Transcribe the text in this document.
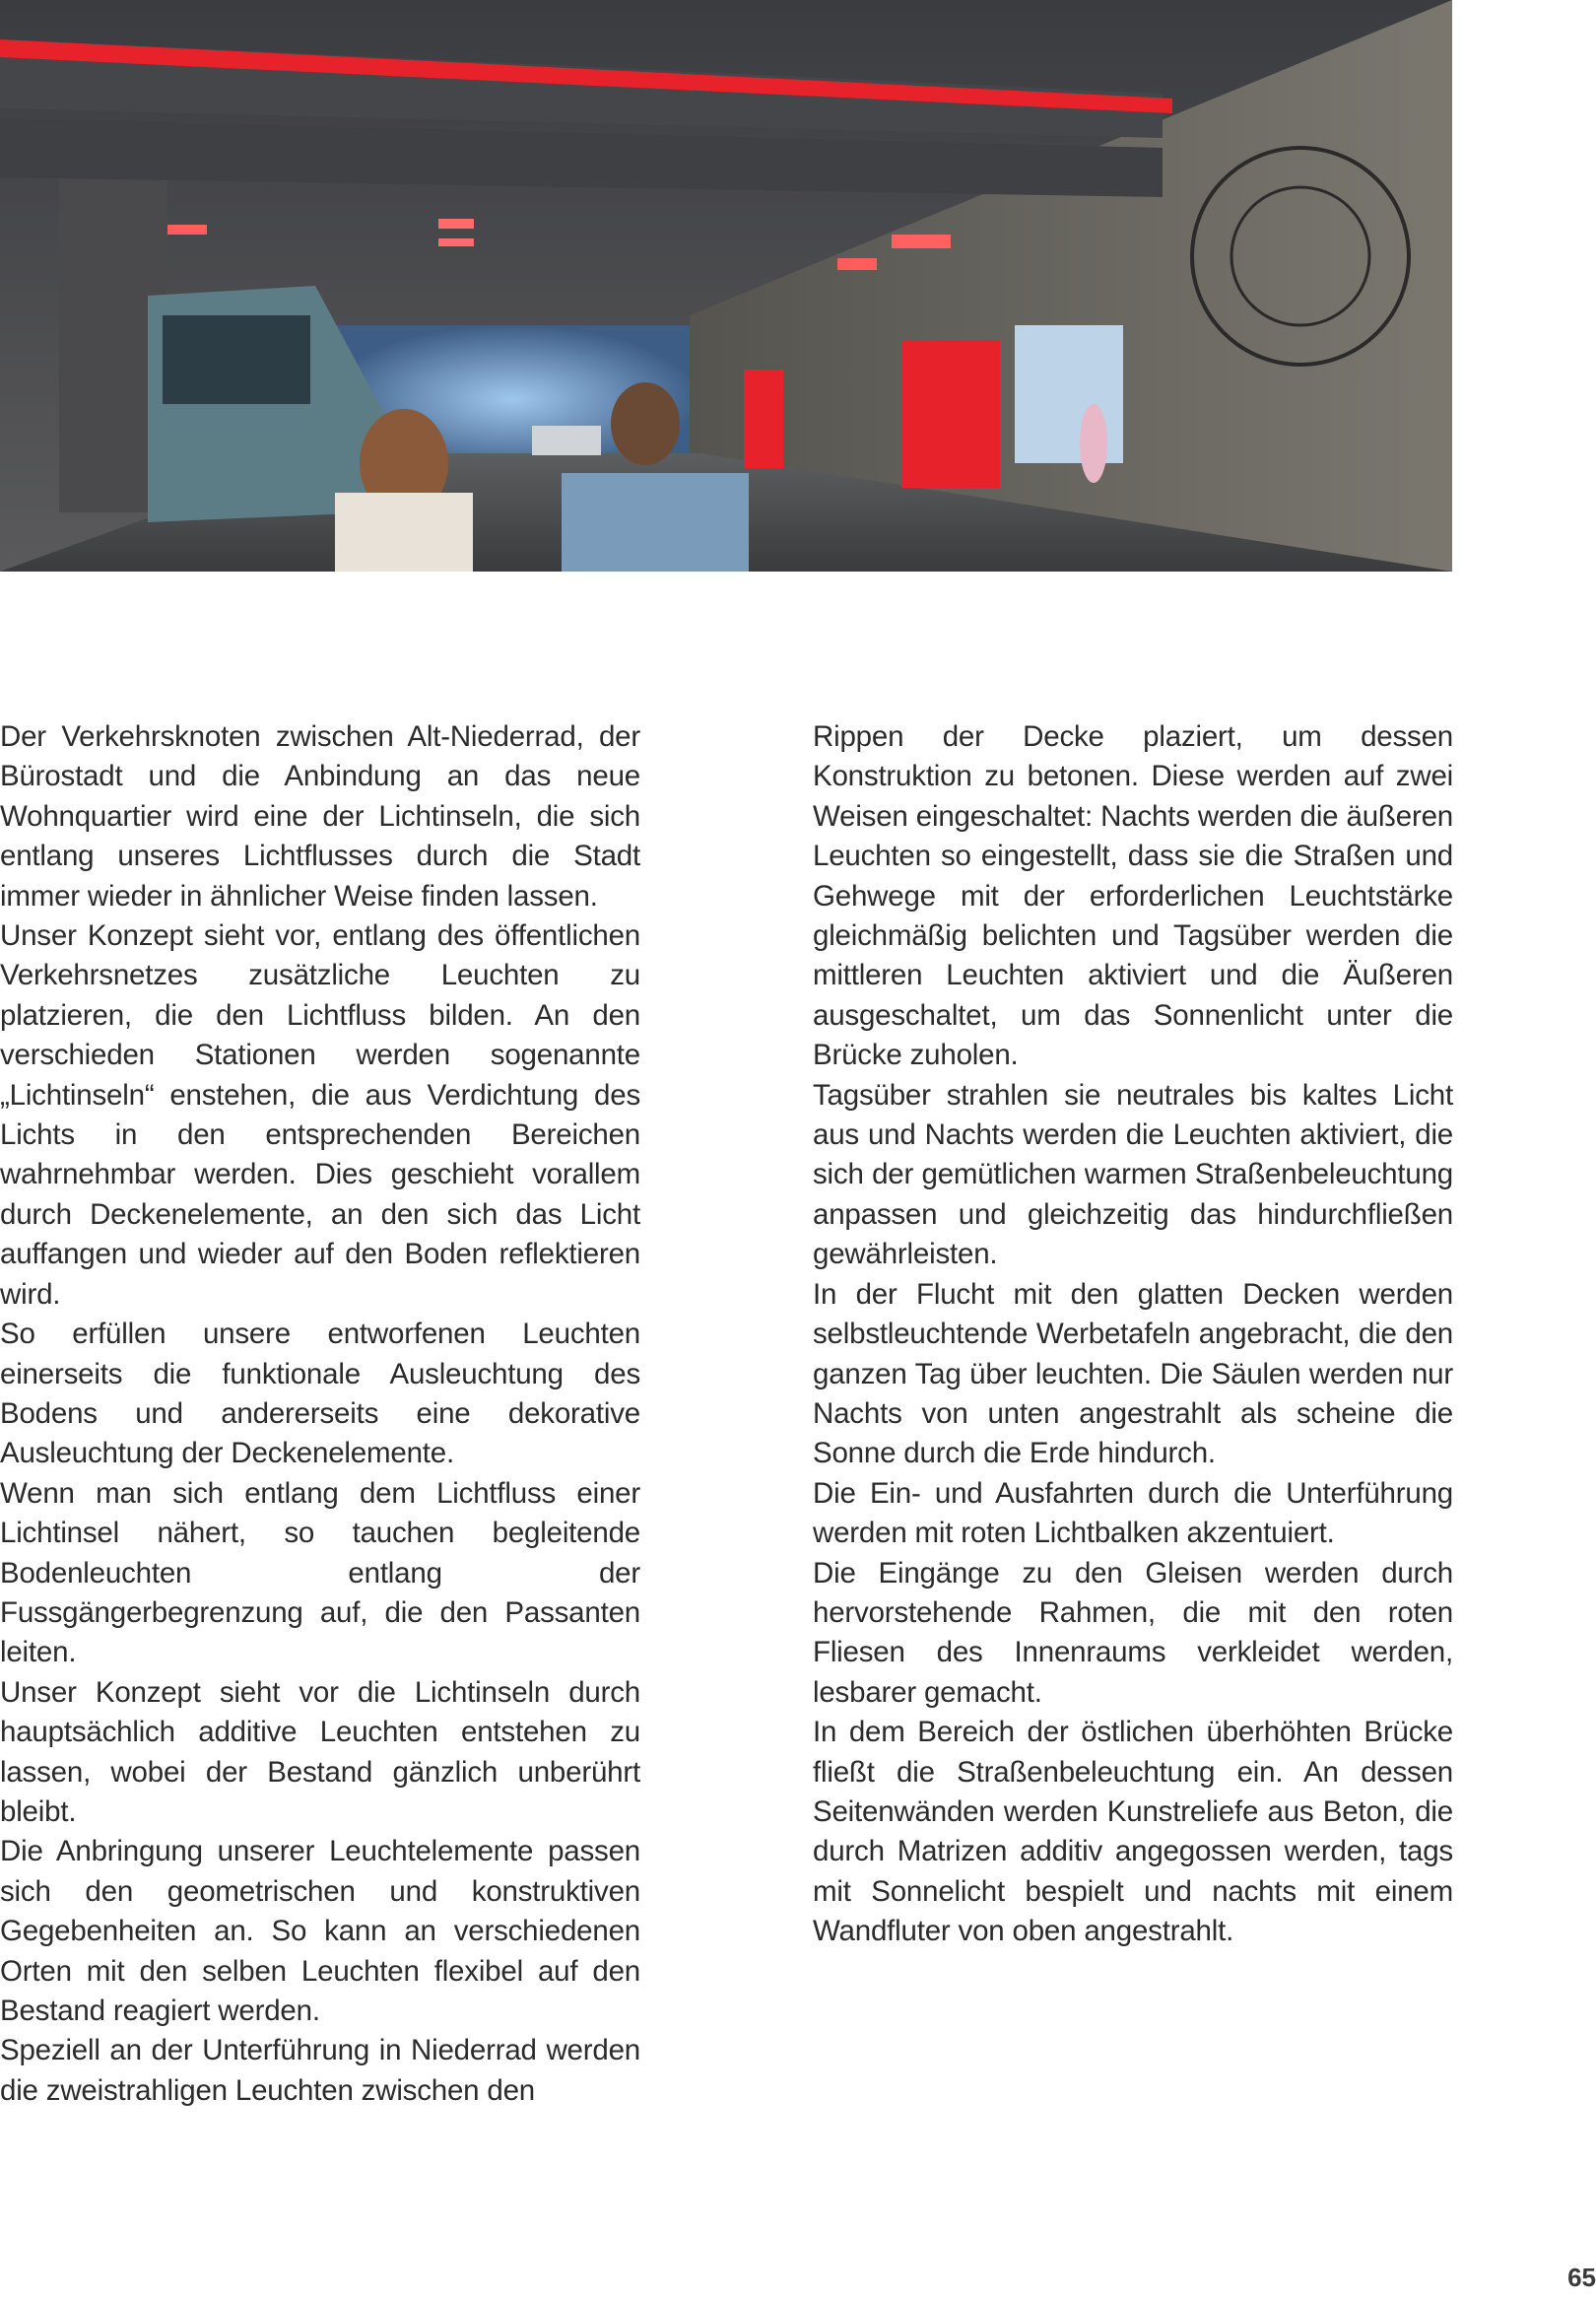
Der Verkehrsknoten zwischen Alt-Niederrad, der Bürostadt und die Anbindung an das neue Wohnquartier wird eine der Lichtinseln, die sich entlang unseres Lichtflusses durch die Stadt immer wieder in ähnlicher Weise finden lassen.

Unser Konzept sieht vor, entlang des öffentlichen Verkehrsnetzes zusätzliche Leuchten zu platzieren, die den Lichtfluss bilden. An den verschieden Stationen werden sogenannte „Lichtinseln“ enstehen, die aus Verdichtung des Lichts in den entsprechenden Bereichen wahrnehmbar werden. Dies geschieht vorallem durch Deckenelemente, an den sich das Licht auffangen und wieder auf den Boden reflektieren wird.

So erfüllen unsere entworfenen Leuchten einerseits die funktionale Ausleuchtung des Bodens und andererseits eine dekorative Ausleuchtung der Deckenelemente.

Wenn man sich entlang dem Lichtfluss einer Lichtinsel nähert, so tauchen begleitende Bodenleuchten entlang der Fussgängerbegrenzung auf, die den Passanten leiten.

Unser Konzept sieht vor die Lichtinseln durch hauptsächlich additive Leuchten entstehen zu lassen, wobei der Bestand gänzlich unberührt bleibt.

Die Anbringung unserer Leuchtelemente passen sich den geometrischen und konstruktiven Gegebenheiten an. So kann an verschiedenen Orten mit den selben Leuchten flexibel auf den Bestand reagiert werden.

Speziell an der Unterführung in Niederrad werden die zweistrahligen Leuchten zwischen den

Rippen der Decke plaziert, um dessen Konstruktion zu betonen. Diese werden auf zwei Weisen eingeschaltet: Nachts werden die äußeren Leuchten so eingestellt, dass sie die Straßen und Gehwege mit der erforderlichen Leuchtstärke gleichmäßig belichten und Tagsüber werden die mittleren Leuchten aktiviert und die Äußeren ausgeschaltet, um das Sonnenlicht unter die Brücke zuholen.

Tagsüber strahlen sie neutrales bis kaltes Licht aus und Nachts werden die Leuchten aktiviert, die sich der gemütlichen warmen Straßenbeleuchtung anpassen und gleichzeitig das hindurchfließen gewährleisten.

In der Flucht mit den glatten Decken werden selbstleuchtende Werbetafeln angebracht, die den ganzen Tag über leuchten. Die Säulen werden nur Nachts von unten angestrahlt als scheine die Sonne durch die Erde hindurch.

Die Ein- und Ausfahrten durch die Unterführung werden mit roten Lichtbalken akzentuiert.

Die Eingänge zu den Gleisen werden durch hervorstehende Rahmen, die mit den roten Fliesen des Innenraums verkleidet werden, lesbarer gemacht.

In dem Bereich der östlichen überhöhten Brücke fließt die Straßenbeleuchtung ein. An dessen Seitenwänden werden Kunstreliefe aus Beton, die durch Matrizen additiv angegossen werden, tags mit Sonnelicht bespielt und nachts mit einem Wandfluter von oben angestrahlt.

65
